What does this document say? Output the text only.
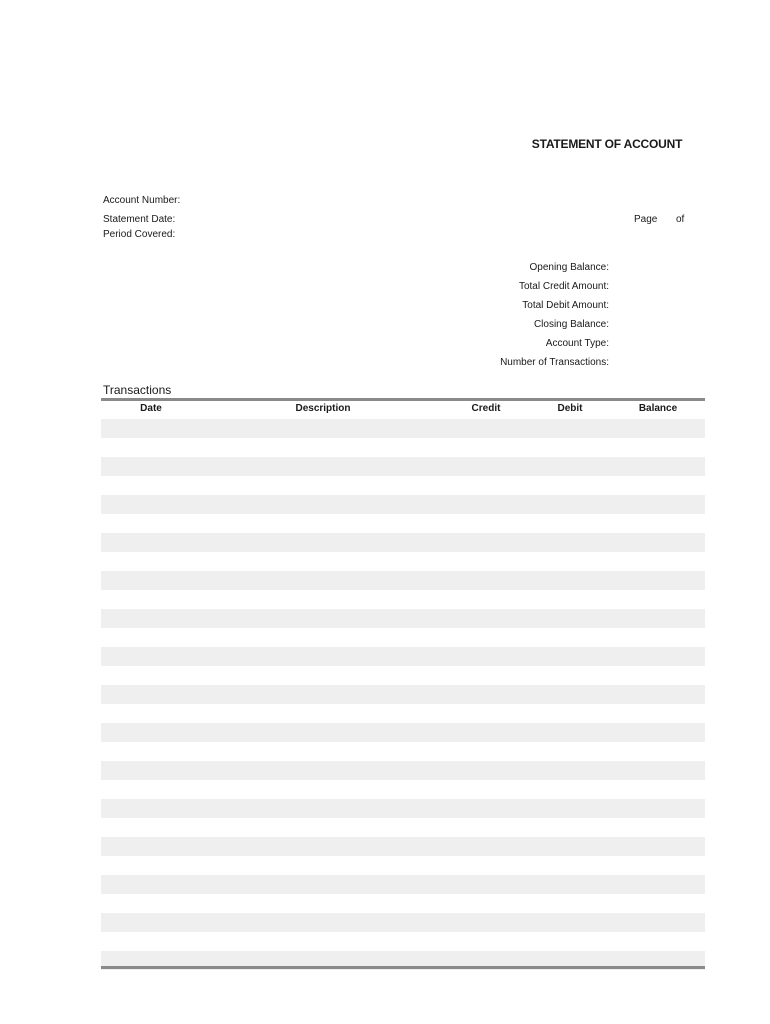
STATEMENT OF ACCOUNT
Account Number:
Statement Date:
Period Covered:
Page of
Opening Balance:
Total Credit Amount:
Total Debit Amount:
Closing Balance:
Account Type:
Number of Transactions:
Transactions
Date	Description	Credit	Debit	Balance
